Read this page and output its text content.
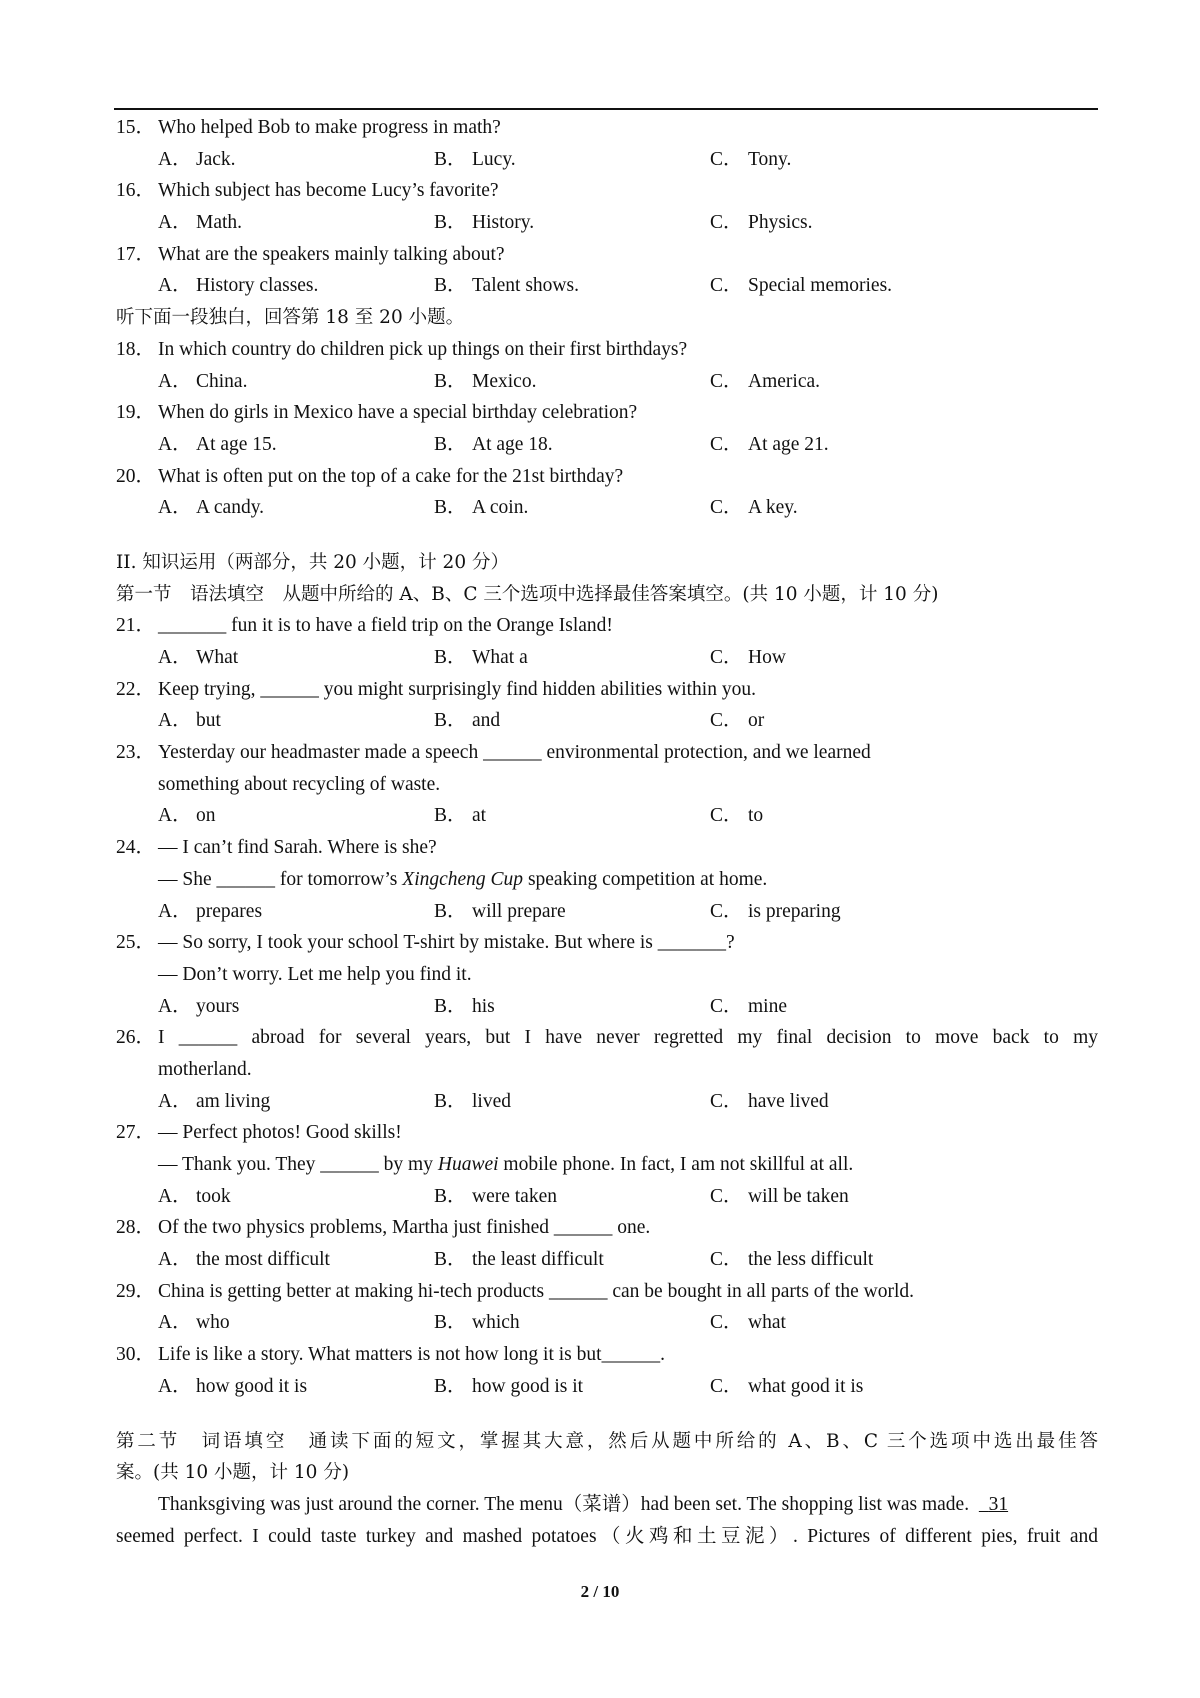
15． Who helped Bob to make progress in math?
A． Jack.	B． Lucy.	C． Tony.
16． Which subject has become Lucy’s favorite?
A． Math.	B． History.	C． Physics.
17． What are the speakers mainly talking about?
A． History classes.	B． Talent shows.	C． Special memories.
听下面一段独白，回答第 18 至 20 小题。
18． In which country do children pick up things on their first birthdays?
A． China.	B． Mexico.	C． America.
19． When do girls in Mexico have a special birthday celebration?
A． At age 15.	B． At age 18.	C． At age 21.
20． What is often put on the top of a cake for the 21st birthday?
A． A candy.	B． A coin.	C． A key.
II. 知识运用（两部分，共 20 小题，计 20 分）
第一节　语法填空　从题中所给的 A、B、C 三个选项中选择最佳答案填空。(共 10 小题，计 10 分)
21． _______ fun it is to have a field trip on the Orange Island!
A． What	B． What a	C． How
22． Keep trying, ______ you might surprisingly find hidden abilities within you.
A． but	B． and	C． or
23． Yesterday our headmaster made a speech ______ environmental protection, and we learned
something about recycling of waste.
A． on	B． at	C． to
24． — I can’t find Sarah. Where is she?
— She ______ for tomorrow’s Xingcheng Cup speaking competition at home.
A． prepares	B． will prepare	C． is preparing
25． — So sorry, I took your school T-shirt by mistake. But where is _______?
— Don’t worry. Let me help you find it.
A． yours	B． his	C． mine
26． I ______ abroad for several years, but I have never regretted my final decision to move back to my
motherland.
A． am living	B． lived	C． have lived
27． — Perfect photos! Good skills!
— Thank you. They ______ by my Huawei mobile phone. In fact, I am not skillful at all.
A． took	B． were taken	C． will be taken
28． Of the two physics problems, Martha just finished ______ one.
A． the most difficult	B． the least difficult	C． the less difficult
29． China is getting better at making hi-tech products ______ can be bought in all parts of the world.
A． who	B． which	C． what
30． Life is like a story. What matters is not how long it is but______.
A． how good it is	B． how good is it	C． what good it is
第二节　词语填空　通读下面的短文，掌握其大意，然后从题中所给的 A、B、C 三个选项中选出最佳答
案。(共 10 小题，计 10 分)
Thanksgiving was just around the corner. The menu（菜谱）had been set. The shopping list was made. 31
seemed perfect. I could taste turkey and mashed potatoes（火鸡和土豆泥）. Pictures of different pies, fruit and
2 / 10
